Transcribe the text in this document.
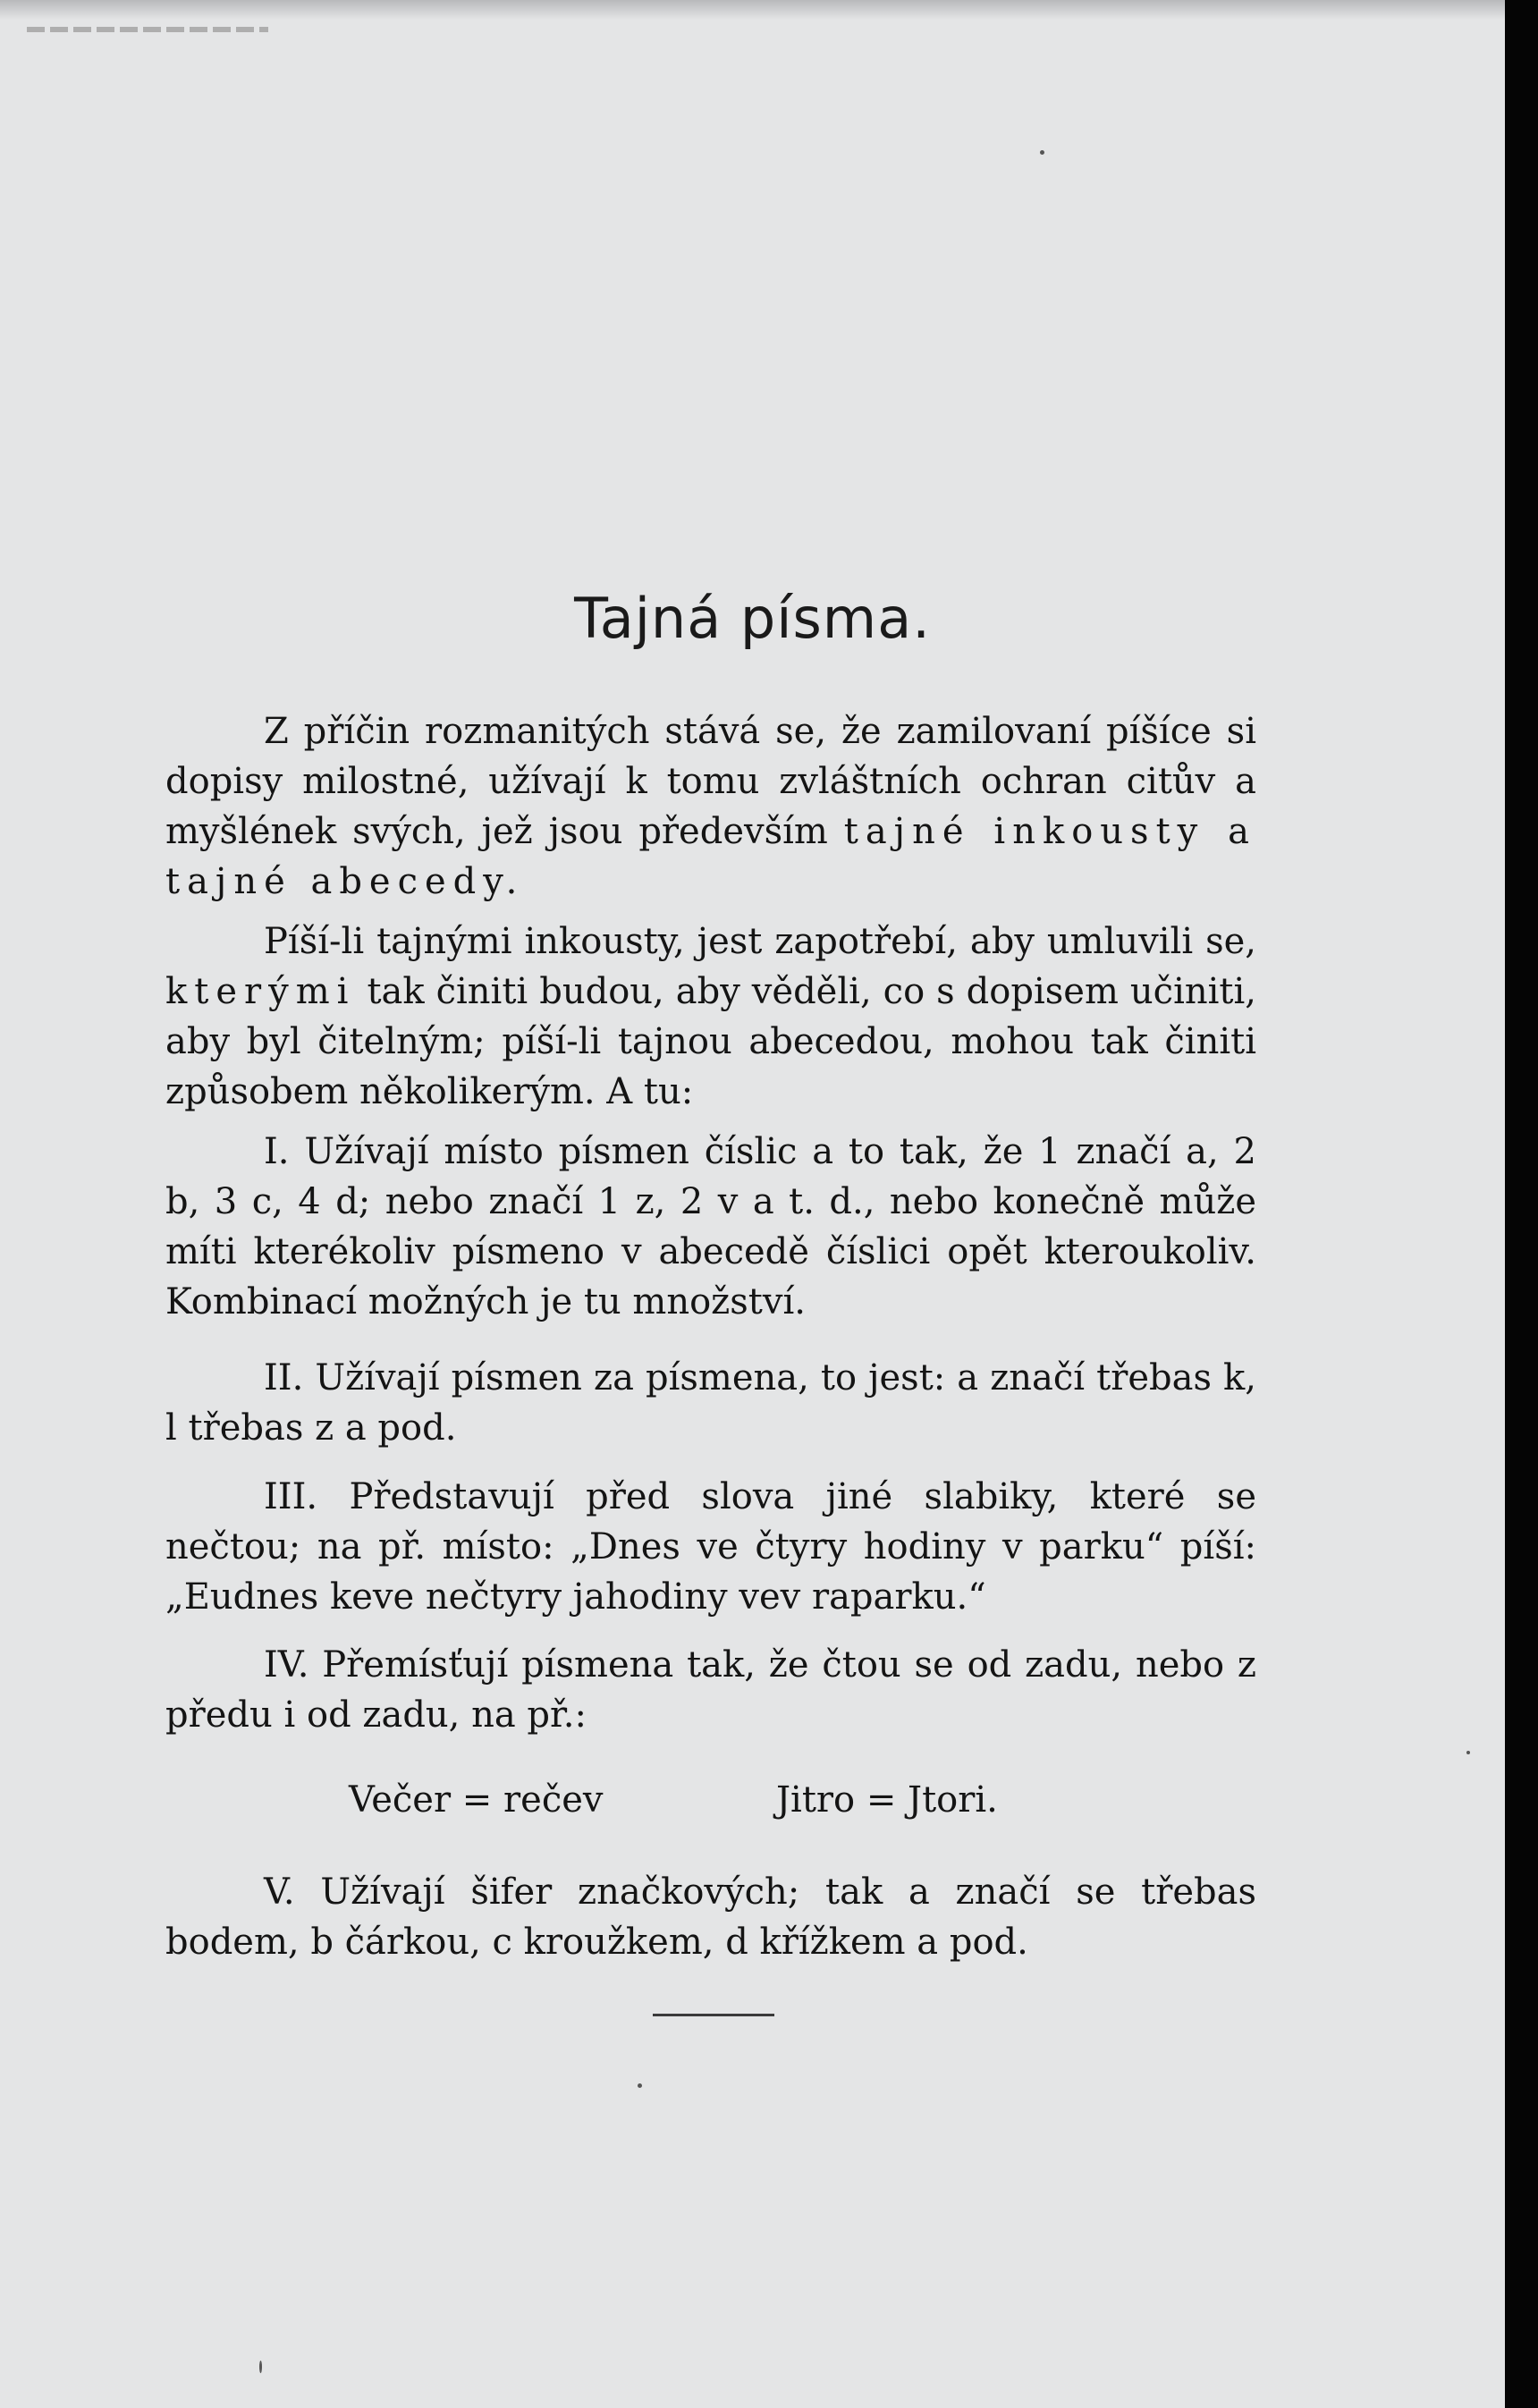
Tajná písma.

Z příčin rozmanitých stává se, že zamilovaní píšíce si dopisy milostné, užívají k tomu zvláštních ochran citův a myšlének svých, jež jsou především tajné inkousty a tajné abecedy.

Píší-li tajnými inkousty, jest zapotřebí, aby umluvili se, kterými tak činiti budou, aby věděli, co s dopisem učiniti, aby byl čitelným; píší-li tajnou abecedou, mohou tak činiti způsobem několikerým. A tu:

I. Užívají místo písmen číslic a to tak, že 1 značí a, 2 b, 3 c, 4 d; nebo značí 1 z, 2 v a t. d., nebo konečně může míti kterékoliv písmeno v abecedě číslici opět kteroukoliv. Kombinací možných je tu množství.

II. Užívají písmen za písmena, to jest: a značí třebas k, l třebas z a pod.

III. Představují před slova jiné slabiky, které se nečtou; na př. místo: „Dnes ve čtyry hodiny v parku“ píší: „Eudnes keve nečtyry jahodiny vev raparku.“

IV. Přemísťují písmena tak, že čtou se od zadu, nebo z předu i od zadu, na př.:

Večer = rečev	Jitro = Jtori.

V. Užívají šifer značkových; tak a značí se třebas bodem, b čárkou, c kroužkem, d křížkem a pod.
